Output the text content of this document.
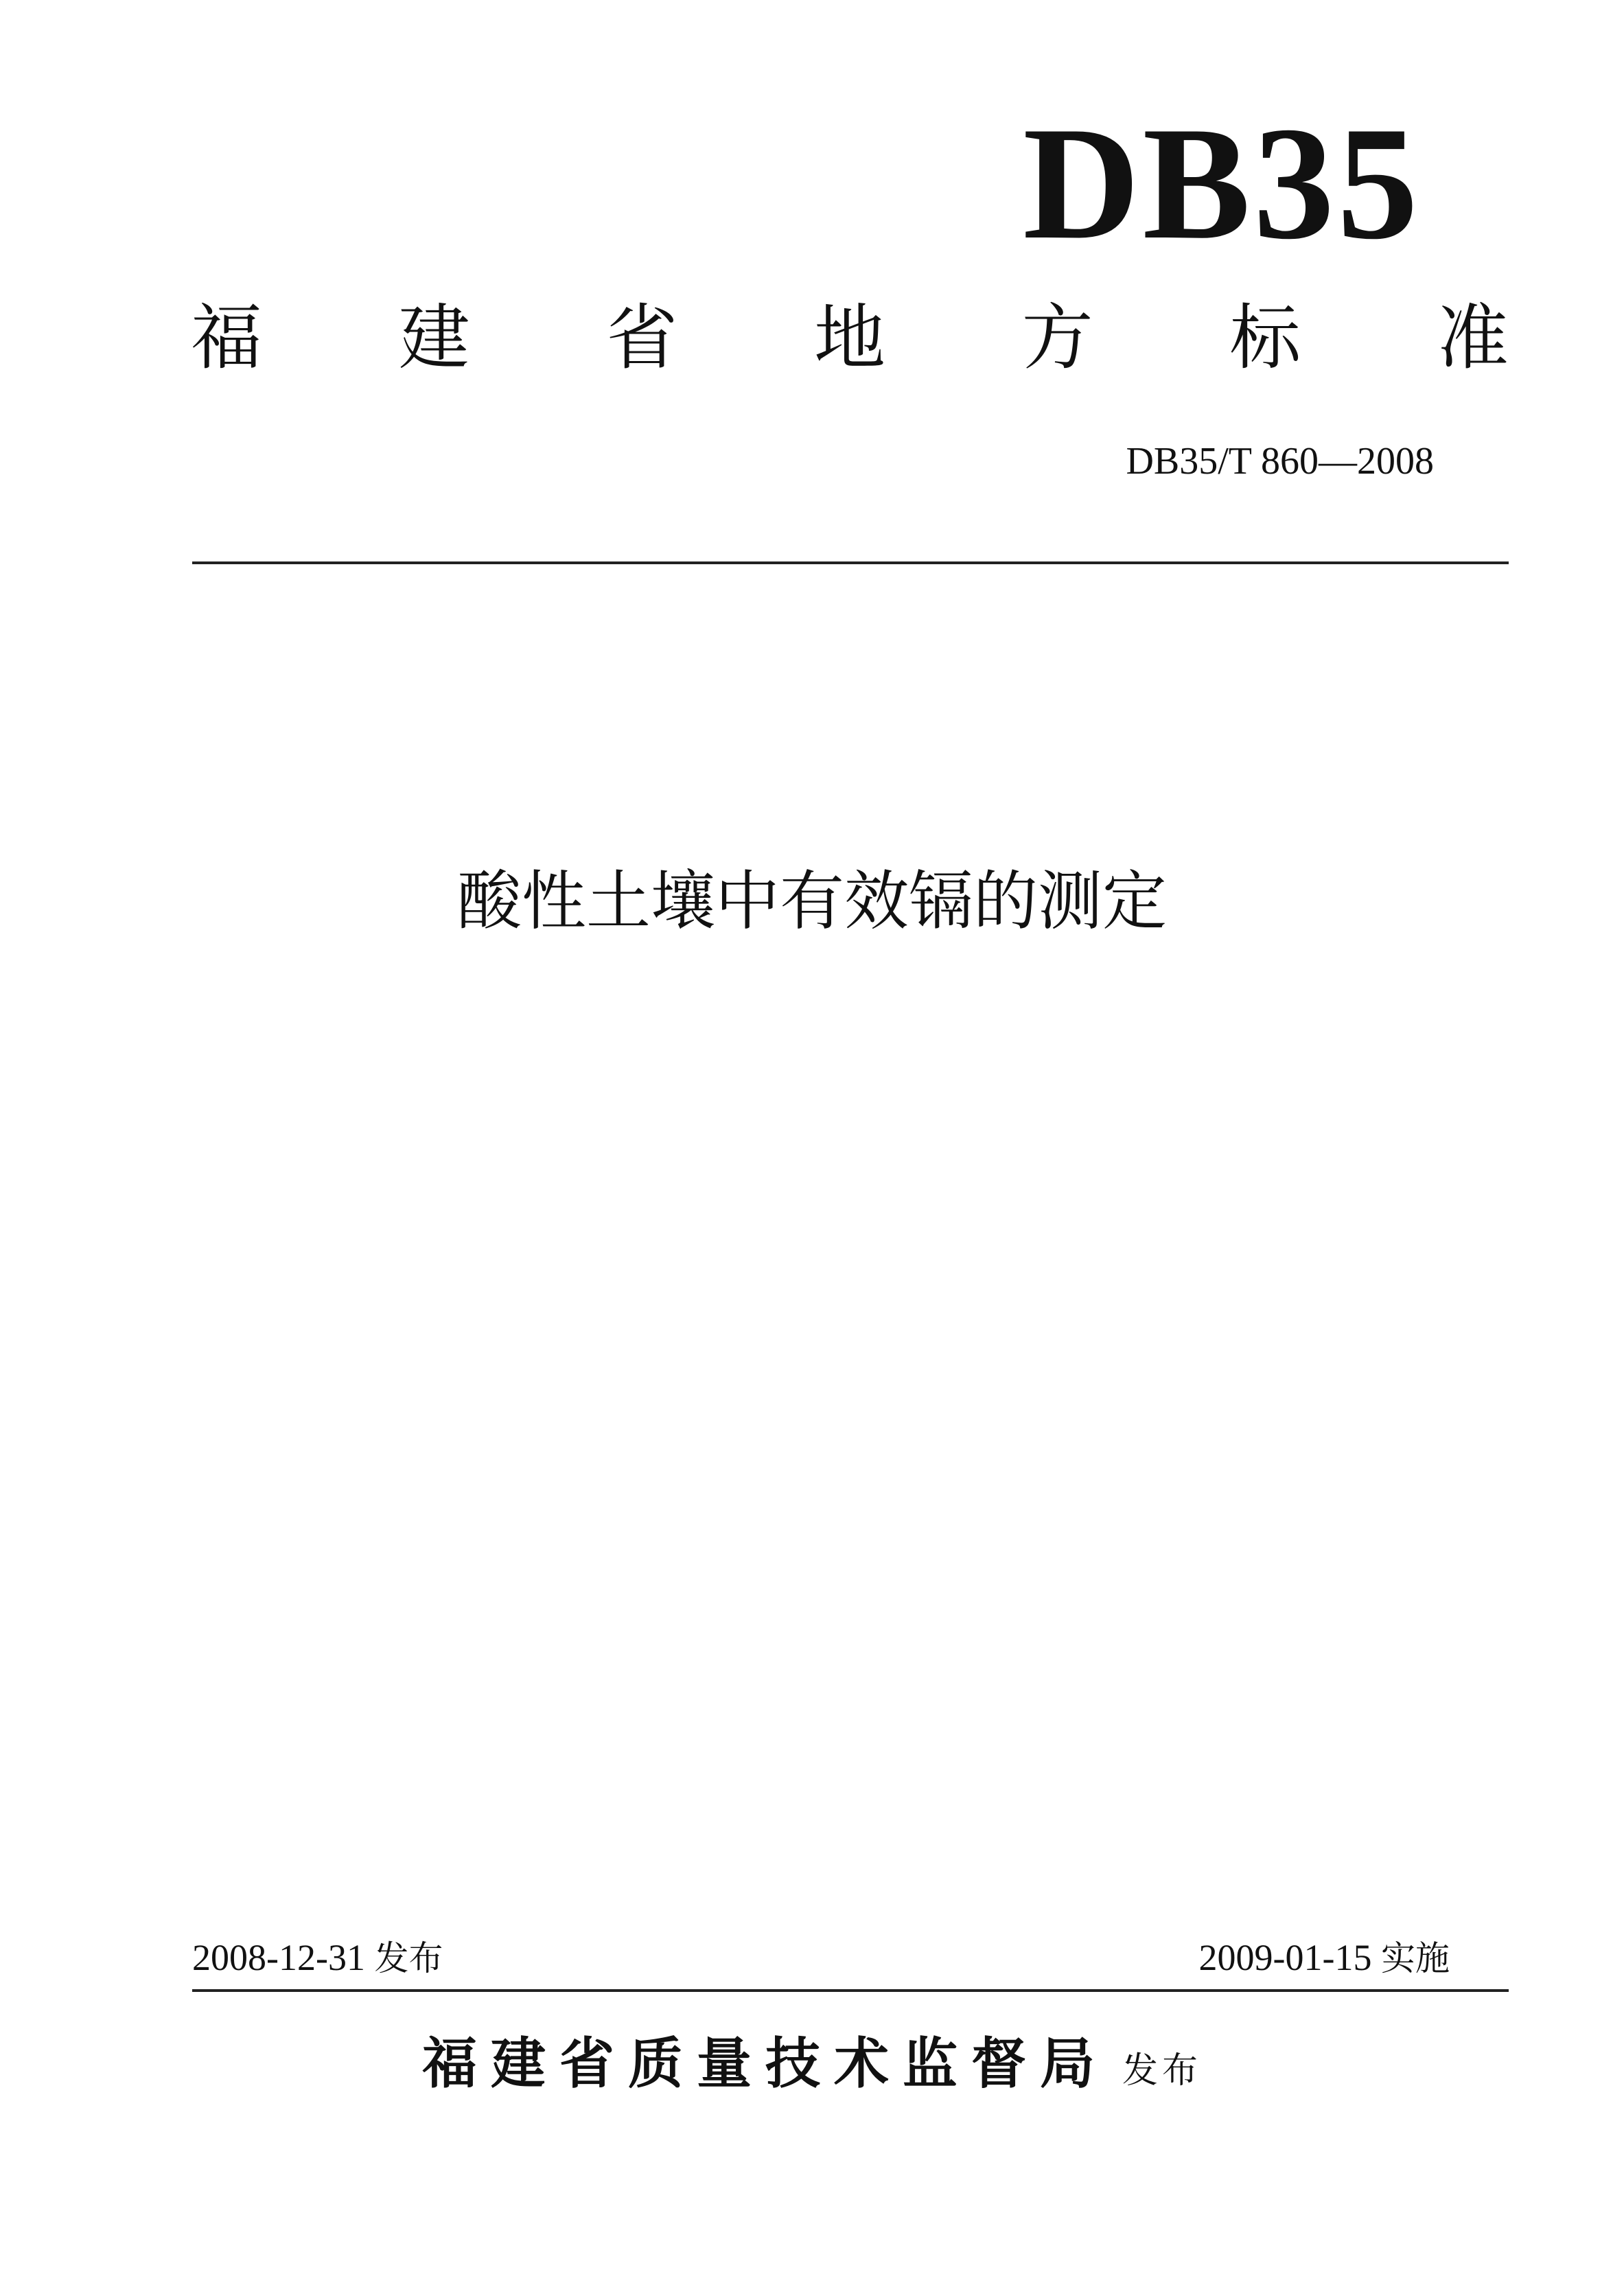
DB35
福 建 省 地 方 标 准
DB35/T 860—2008
酸性土壤中有效镉的测定
2008-12-31 发布	2009-01-15 实施
福建省质量技术监督局 发布
